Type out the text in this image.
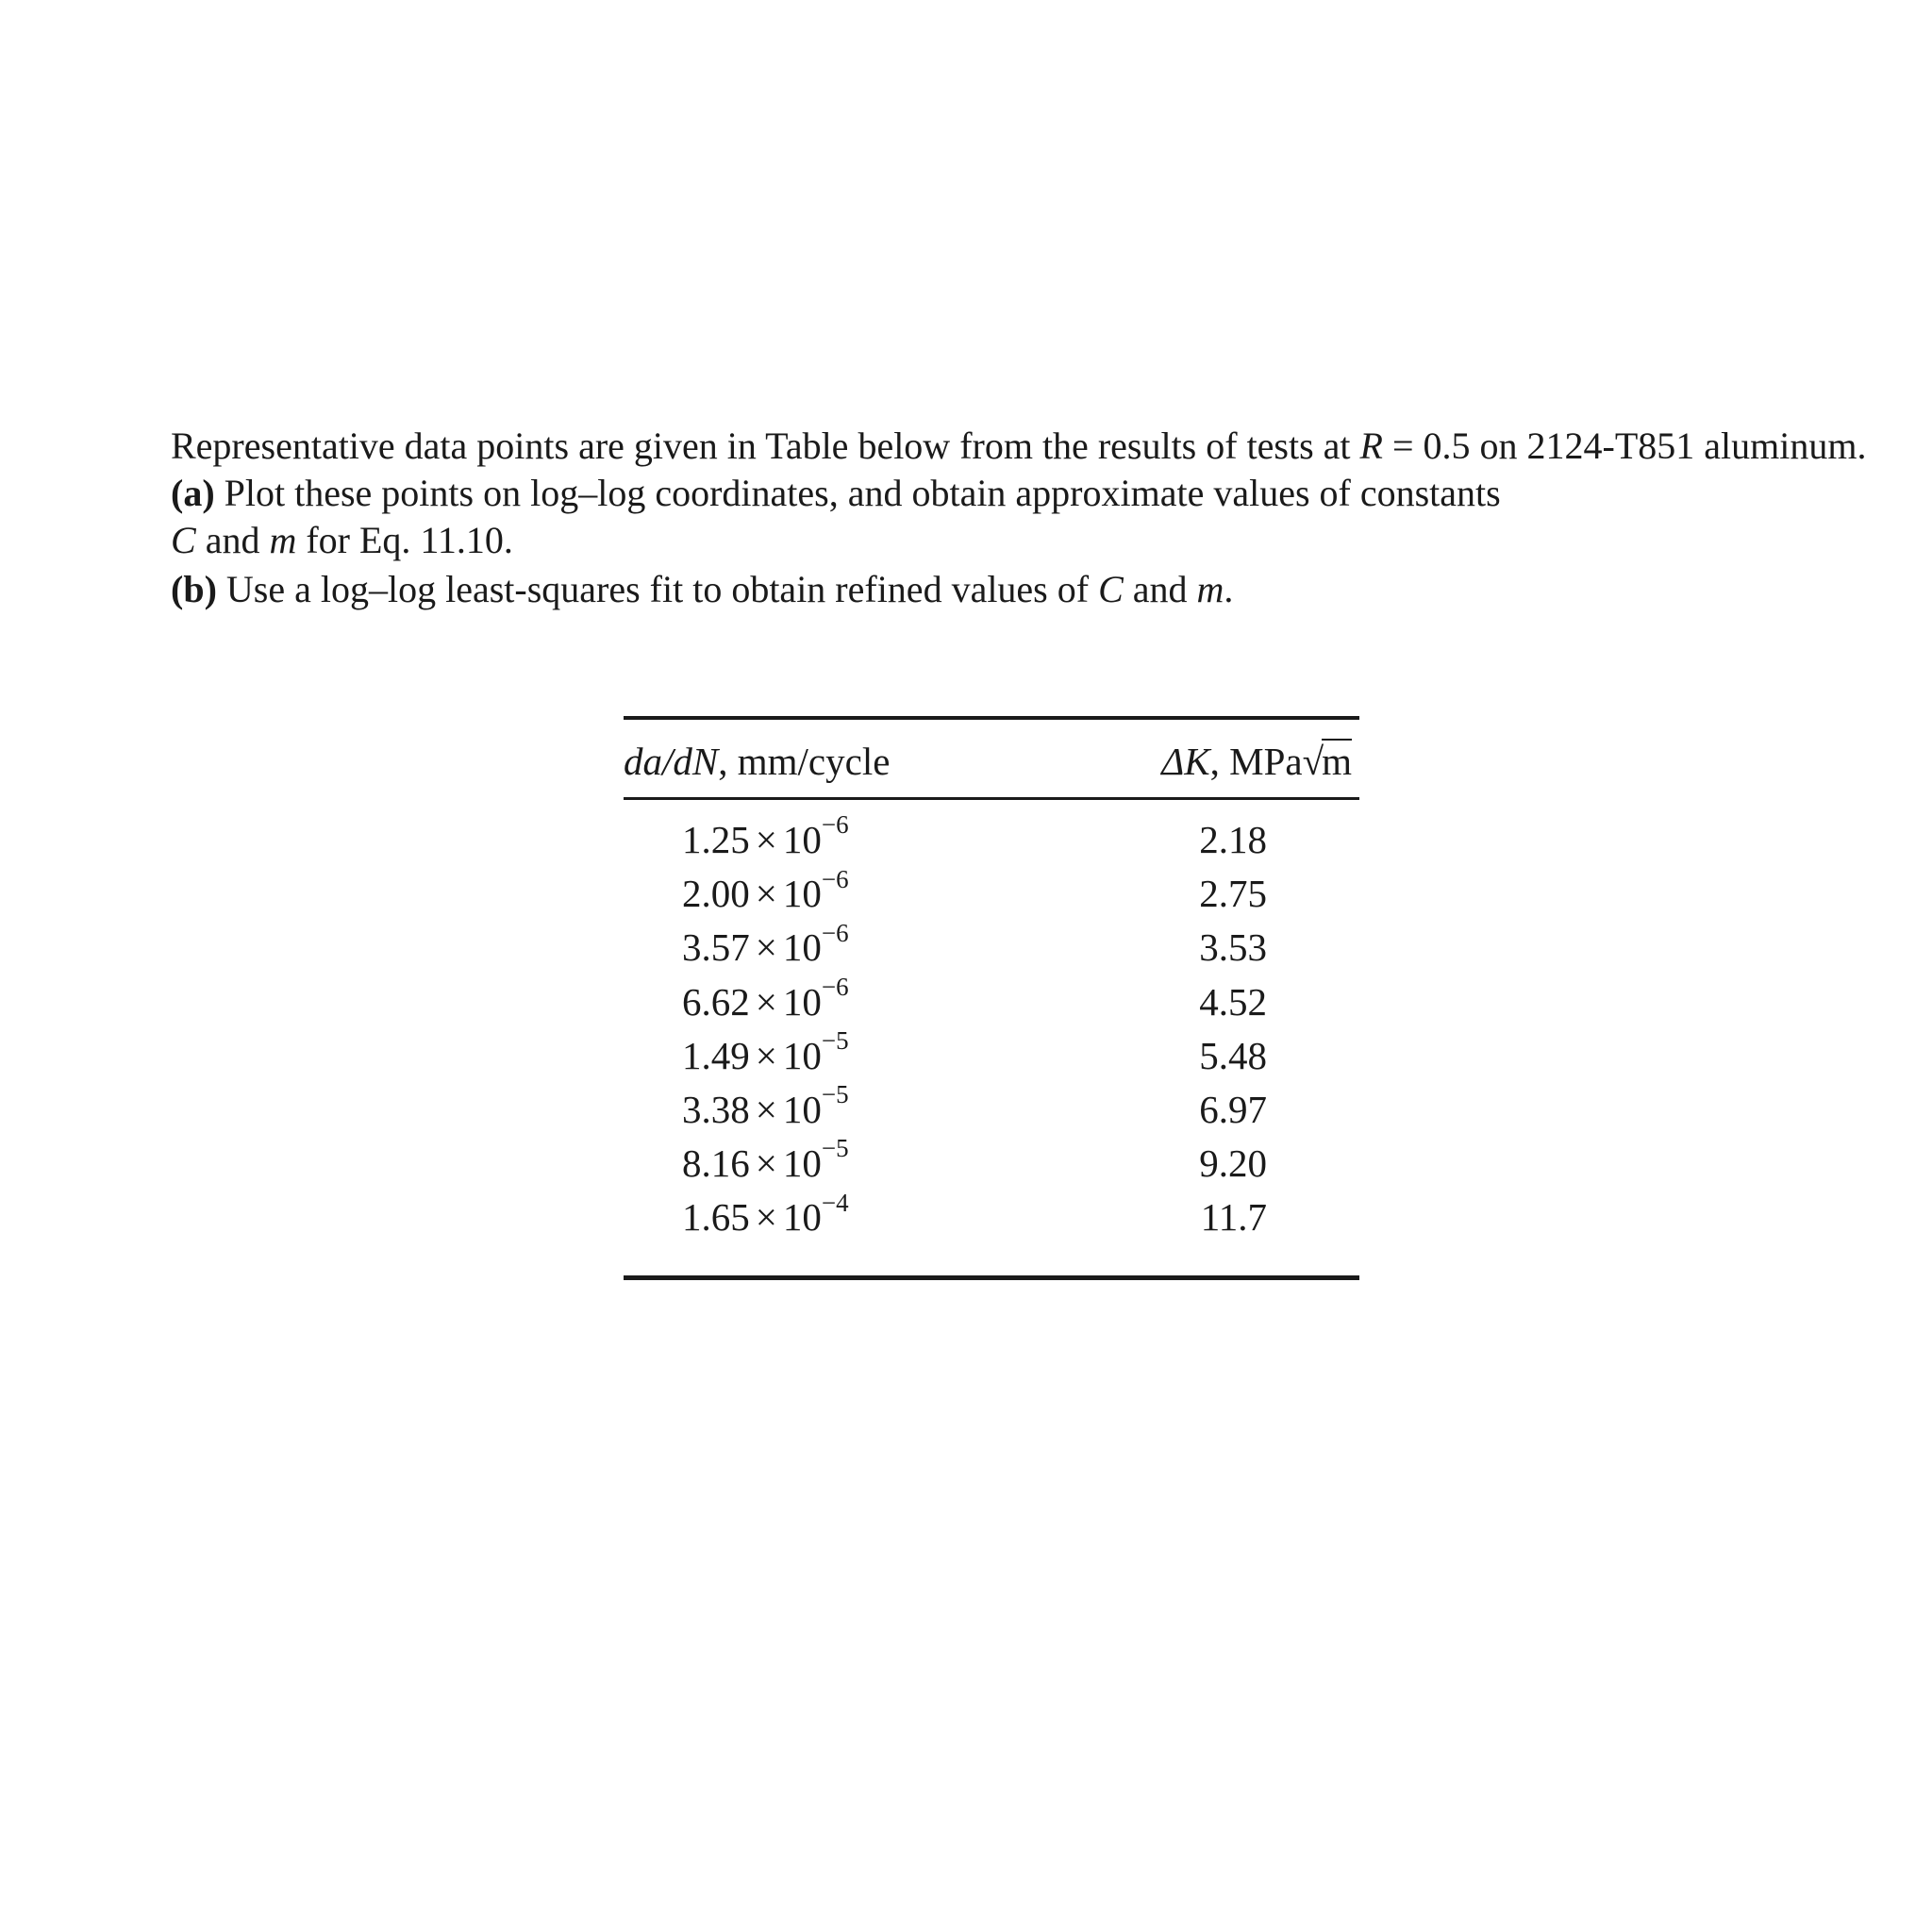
Representative data points are given in Table below from the results of tests at R = 0.5 on 2124-T851 aluminum.

(a) Plot these points on log–log coordinates, and obtain approximate values of constants
C and m for Eq. 11.10.

(b) Use a log–log least-squares fit to obtain refined values of C and m.

da/dN, mm/cycle	ΔK, MPa√m
$1.25 \times 10^{-6}$	2.18
$2.00 \times 10^{-6}$	2.75
$3.57 \times 10^{-6}$	3.53
$6.62 \times 10^{-6}$	4.52
$1.49 \times 10^{-5}$	5.48
$3.38 \times 10^{-5}$	6.97
$8.16 \times 10^{-5}$	9.20
$1.65 \times 10^{-4}$	11.7
